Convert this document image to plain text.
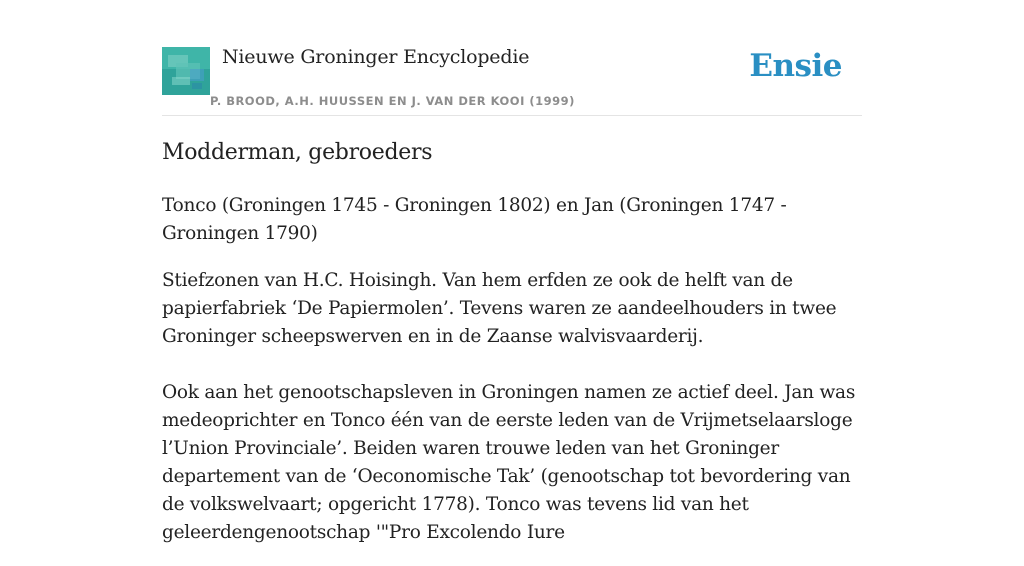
Nieuwe Groninger Encyclopedie
P. BROOD, A.H. HUUSSEN EN J. VAN DER KOOI (1999)
Ensie
Modderman, gebroeders

Tonco (Groningen 1745 - Groningen 1802) en Jan (Groningen 1747 - Groningen 1790)

Stiefzonen van H.C. Hoisingh. Van hem erfden ze ook de helft van de papierfabriek ‘De Papiermolen’. Tevens waren ze aandeelhouders in twee Groninger scheepswerven en in de Zaanse walvisvaarderij.

Ook aan het genootschapsleven in Groningen namen ze actief deel. Jan was medeoprichter en Tonco één van de eerste leden van de Vrijmetselaarsloge l’Union Provinciale’. Beiden waren trouwe leden van het Groninger departement van de ‘Oeconomische Tak’ (genootschap tot bevordering van de volkswelvaart; opgericht 1778). Tonco was tevens lid van het geleerdengenootschap '"Pro Excolendo Iure
